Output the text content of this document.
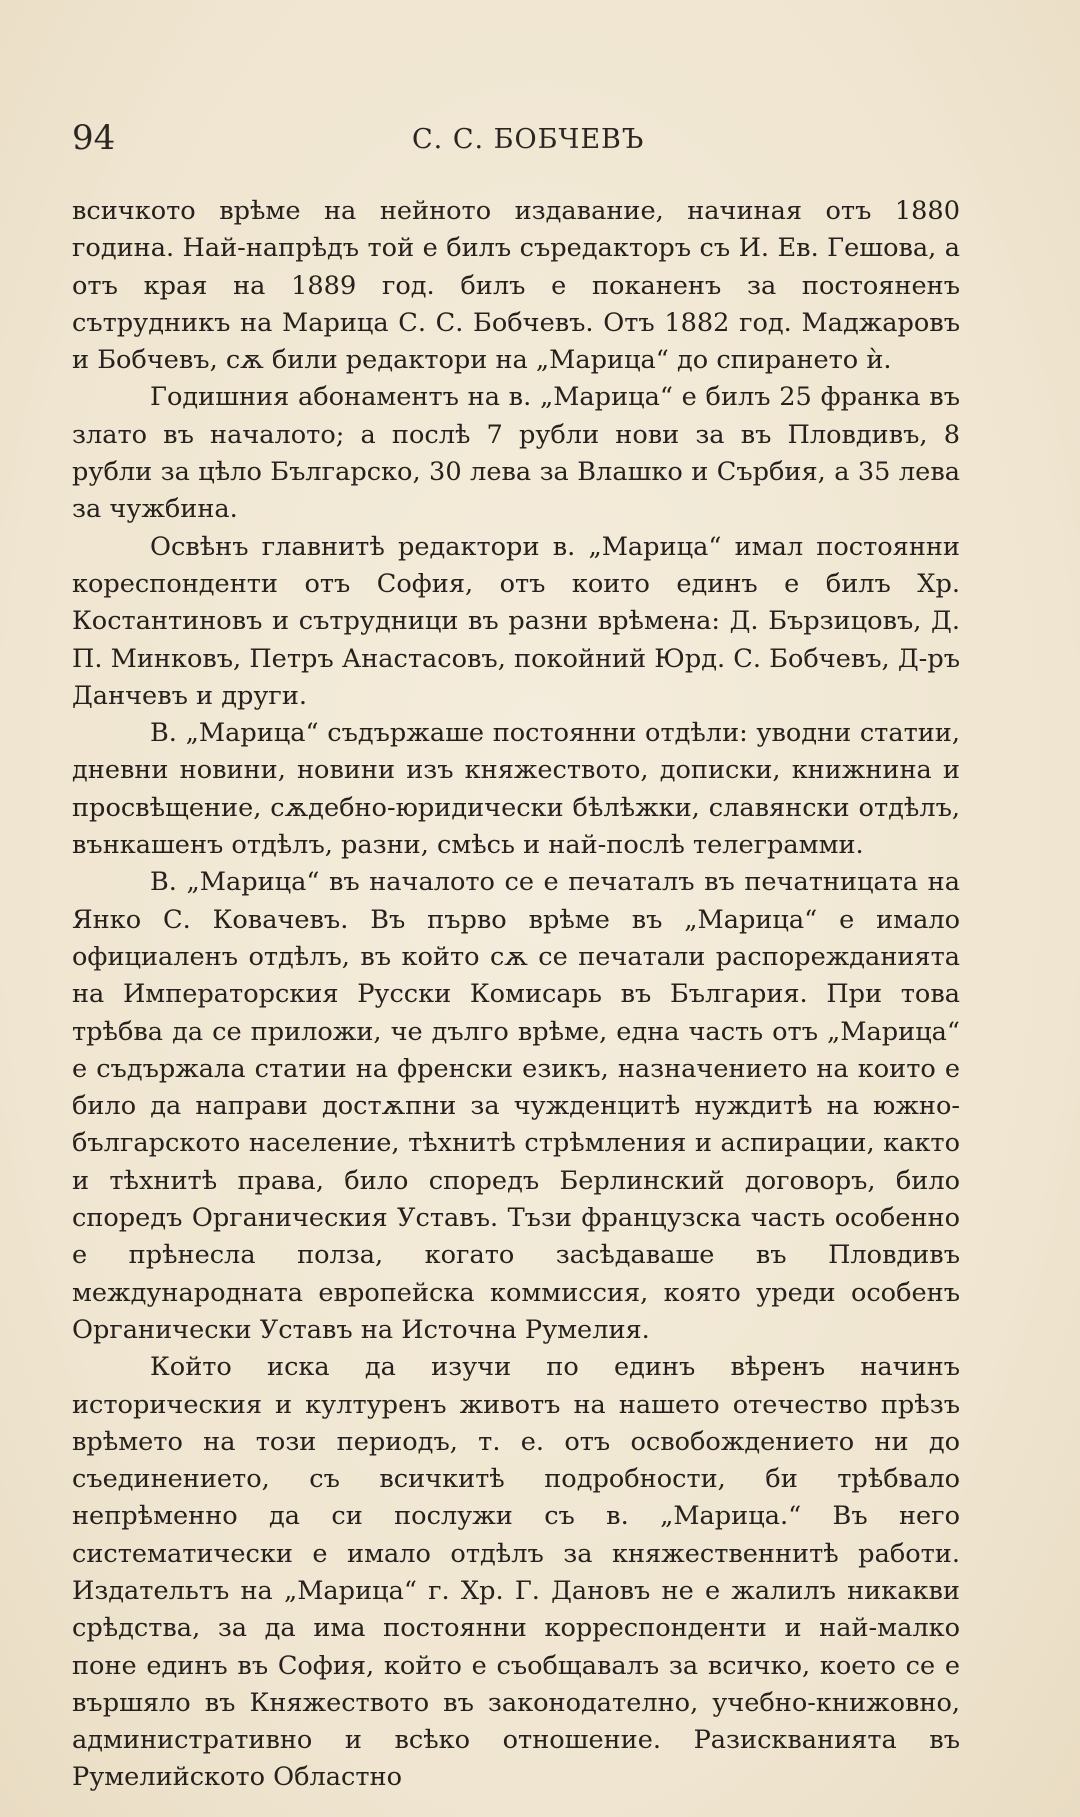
94	С. С. БОБЧЕВЪ

всичкото врѣме на нейното издавание, начиная отъ 1880 година. Най-напрѣдъ той е билъ съредакторъ съ И. Ев. Гешова, а отъ края на 1889 год. билъ е поканенъ за постояненъ сътрудникъ на Марица С. С. Бобчевъ. Отъ 1882 год. Маджаровъ и Бобчевъ, сѫ били редактори на „Марица“ до спирането ѝ.

Годишния абонаментъ на в. „Марица“ е билъ 25 франка въ злато въ началото; а послѣ 7 рубли нови за въ Пловдивъ, 8 рубли за цѣло Българско, 30 лева за Влашко и Сърбия, а 35 лева за чужбина.

Освѣнъ главнитѣ редактори в. „Марица“ имал постоянни кореспонденти отъ София, отъ които единъ е билъ Хр. Костантиновъ и сътрудници въ разни врѣмена: Д. Бързицовъ, Д. П. Минковъ, Петръ Анастасовъ, покойний Юрд. С. Бобчевъ, Д-ръ Данчевъ и други.

В. „Марица“ съдържаше постоянни отдѣли: уводни статии, дневни новини, новини изъ княжеството, дописки, книжнина и просвѣщение, сѫдебно-юридически бѣлѣжки, славянски отдѣлъ, вънкашенъ отдѣлъ, разни, смѣсь и най-послѣ телеграмми.

В. „Марица“ въ началото се е печаталъ въ печатницата на Янко С. Ковачевъ. Въ първо врѣме въ „Марица“ е имало официаленъ отдѣлъ, въ който сѫ се печатали распорежданията на Императорския Русски Комисарь въ България. При това трѣбва да се приложи, че дълго врѣме, една часть отъ „Марица“ е съдържала статии на френски езикъ, назначението на които е било да направи достѫпни за чужденцитѣ нуждитѣ на южно-българското население, тѣхнитѣ стрѣмления и аспирации, както и тѣхнитѣ права, било споредъ Берлинский договоръ, било споредъ Органическия Уставъ. Тъзи французска часть особенно е прѣнесла полза, когато засѣдаваше въ Пловдивъ международната европейска коммиссия, която уреди особенъ Органически Уставъ на Источна Румелия.

Който иска да изучи по единъ вѣренъ начинъ историческия и културенъ животъ на нашето отечество прѣзъ врѣмето на този периодъ, т. е. отъ освобождението ни до съединението, съ всичкитѣ подробности, би трѣбвало непрѣменно да си послужи съ в. „Марица.“ Въ него систематически е имало отдѣлъ за княжественнитѣ работи. Издательтъ на „Марица“ г. Хр. Г. Дановъ не е жалилъ никакви срѣдства, за да има постоянни корреспонденти и най-малко поне единъ въ София, който е съобщавалъ за всичко, което се е вършяло въ Княжеството въ законодателно, учебно-книжовно, административно и всѣко отношение. Разискванията въ Румелийското Областно
